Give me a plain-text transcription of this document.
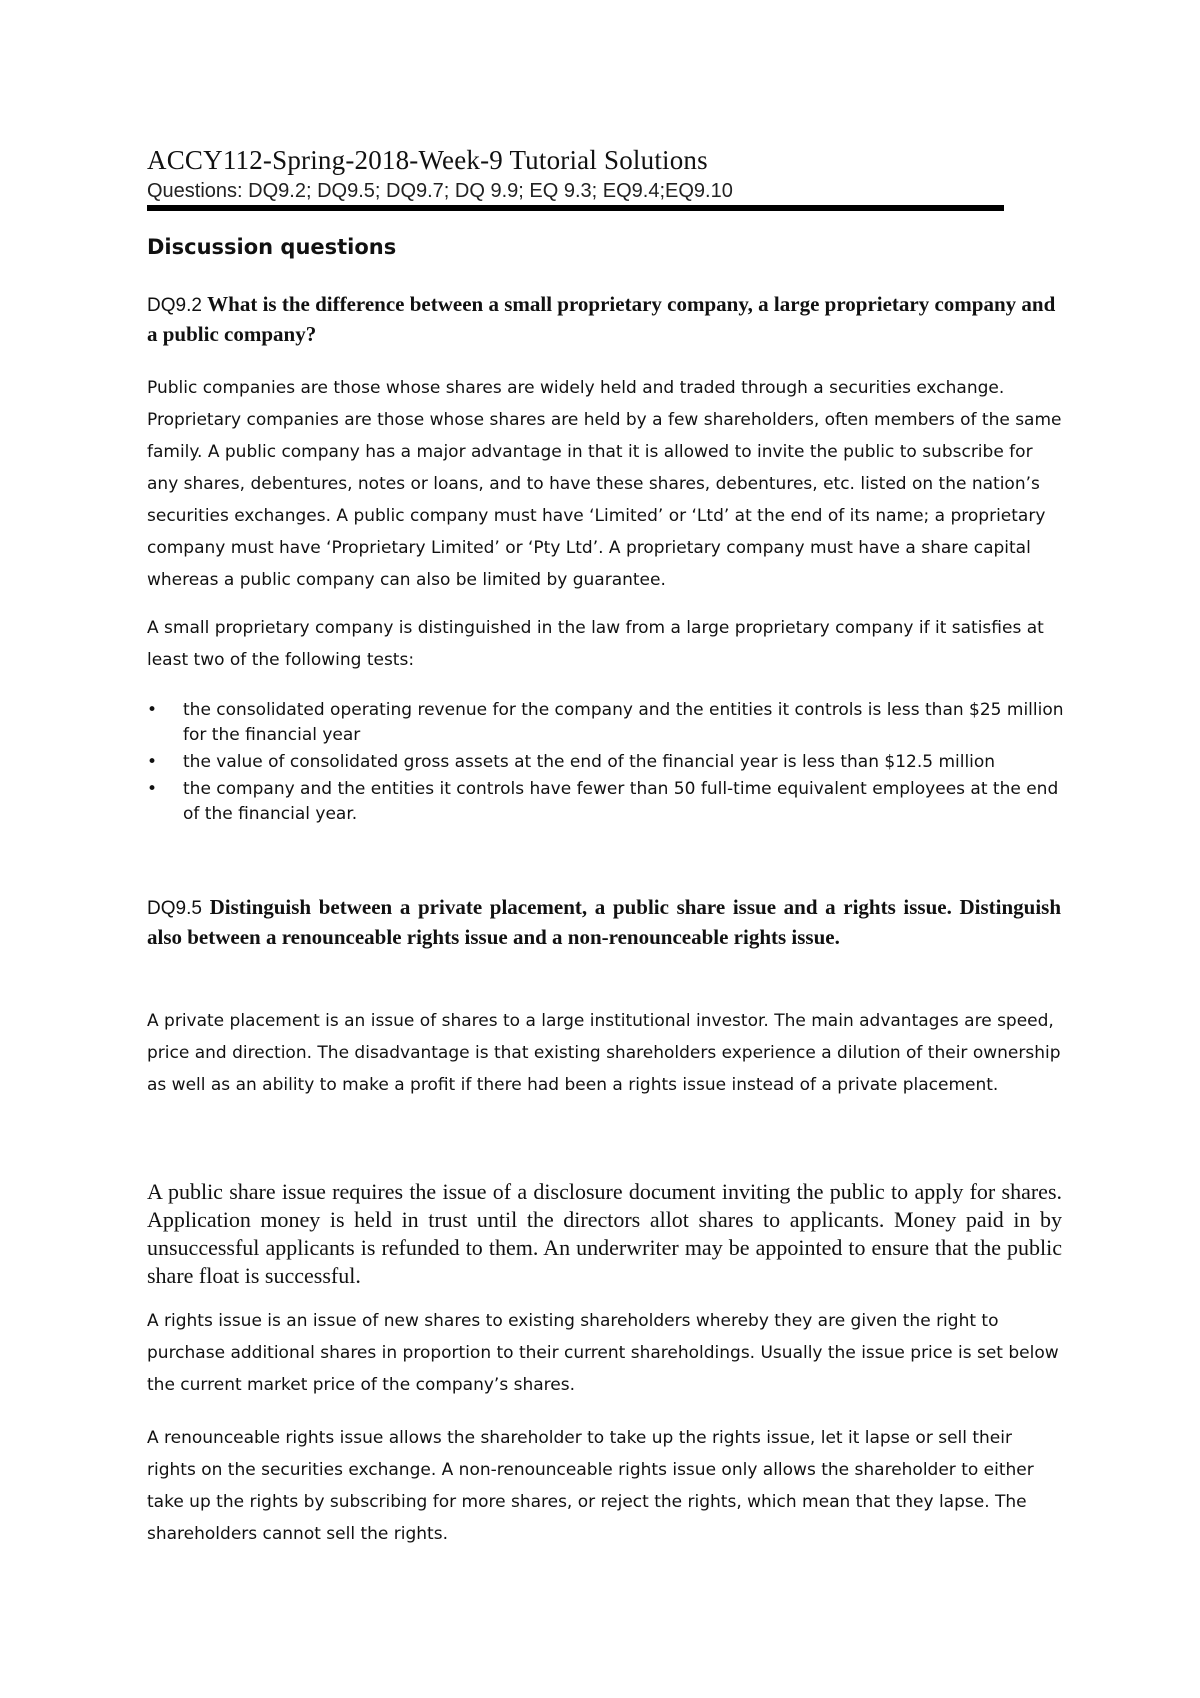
ACCY112-Spring-2018-Week-9 Tutorial Solutions
Questions: DQ9.2; DQ9.5; DQ9.7; DQ 9.9; EQ 9.3; EQ9.4;EQ9.10
Discussion questions
DQ9.2 What is the difference between a small proprietary company, a large proprietary company and a public company?
Public companies are those whose shares are widely held and traded through a securities exchange. Proprietary companies are those whose shares are held by a few shareholders, often members of the same family. A public company has a major advantage in that it is allowed to invite the public to subscribe for any shares, debentures, notes or loans, and to have these shares, debentures, etc. listed on the nation’s securities exchanges. A public company must have ‘Limited’ or ‘Ltd’ at the end of its name; a proprietary company must have ‘Proprietary Limited’ or ‘Pty Ltd’. A proprietary company must have a share capital whereas a public company can also be limited by guarantee.
A small proprietary company is distinguished in the law from a large proprietary company if it satisfies at least two of the following tests:
• the consolidated operating revenue for the company and the entities it controls is less than $25 million for the financial year
• the value of consolidated gross assets at the end of the financial year is less than $12.5 million
• the company and the entities it controls have fewer than 50 full-time equivalent employees at the end of the financial year.
DQ9.5 Distinguish between a private placement, a public share issue and a rights issue. Distinguish also between a renounceable rights issue and a non-renounceable rights issue.
A private placement is an issue of shares to a large institutional investor. The main advantages are speed, price and direction. The disadvantage is that existing shareholders experience a dilution of their ownership as well as an ability to make a profit if there had been a rights issue instead of a private placement.
A public share issue requires the issue of a disclosure document inviting the public to apply for shares. Application money is held in trust until the directors allot shares to applicants. Money paid in by unsuccessful applicants is refunded to them. An underwriter may be appointed to ensure that the public share float is successful.
A rights issue is an issue of new shares to existing shareholders whereby they are given the right to purchase additional shares in proportion to their current shareholdings. Usually the issue price is set below the current market price of the company’s shares.
A renounceable rights issue allows the shareholder to take up the rights issue, let it lapse or sell their rights on the securities exchange. A non-renounceable rights issue only allows the shareholder to either take up the rights by subscribing for more shares, or reject the rights, which mean that they lapse. The shareholders cannot sell the rights.
